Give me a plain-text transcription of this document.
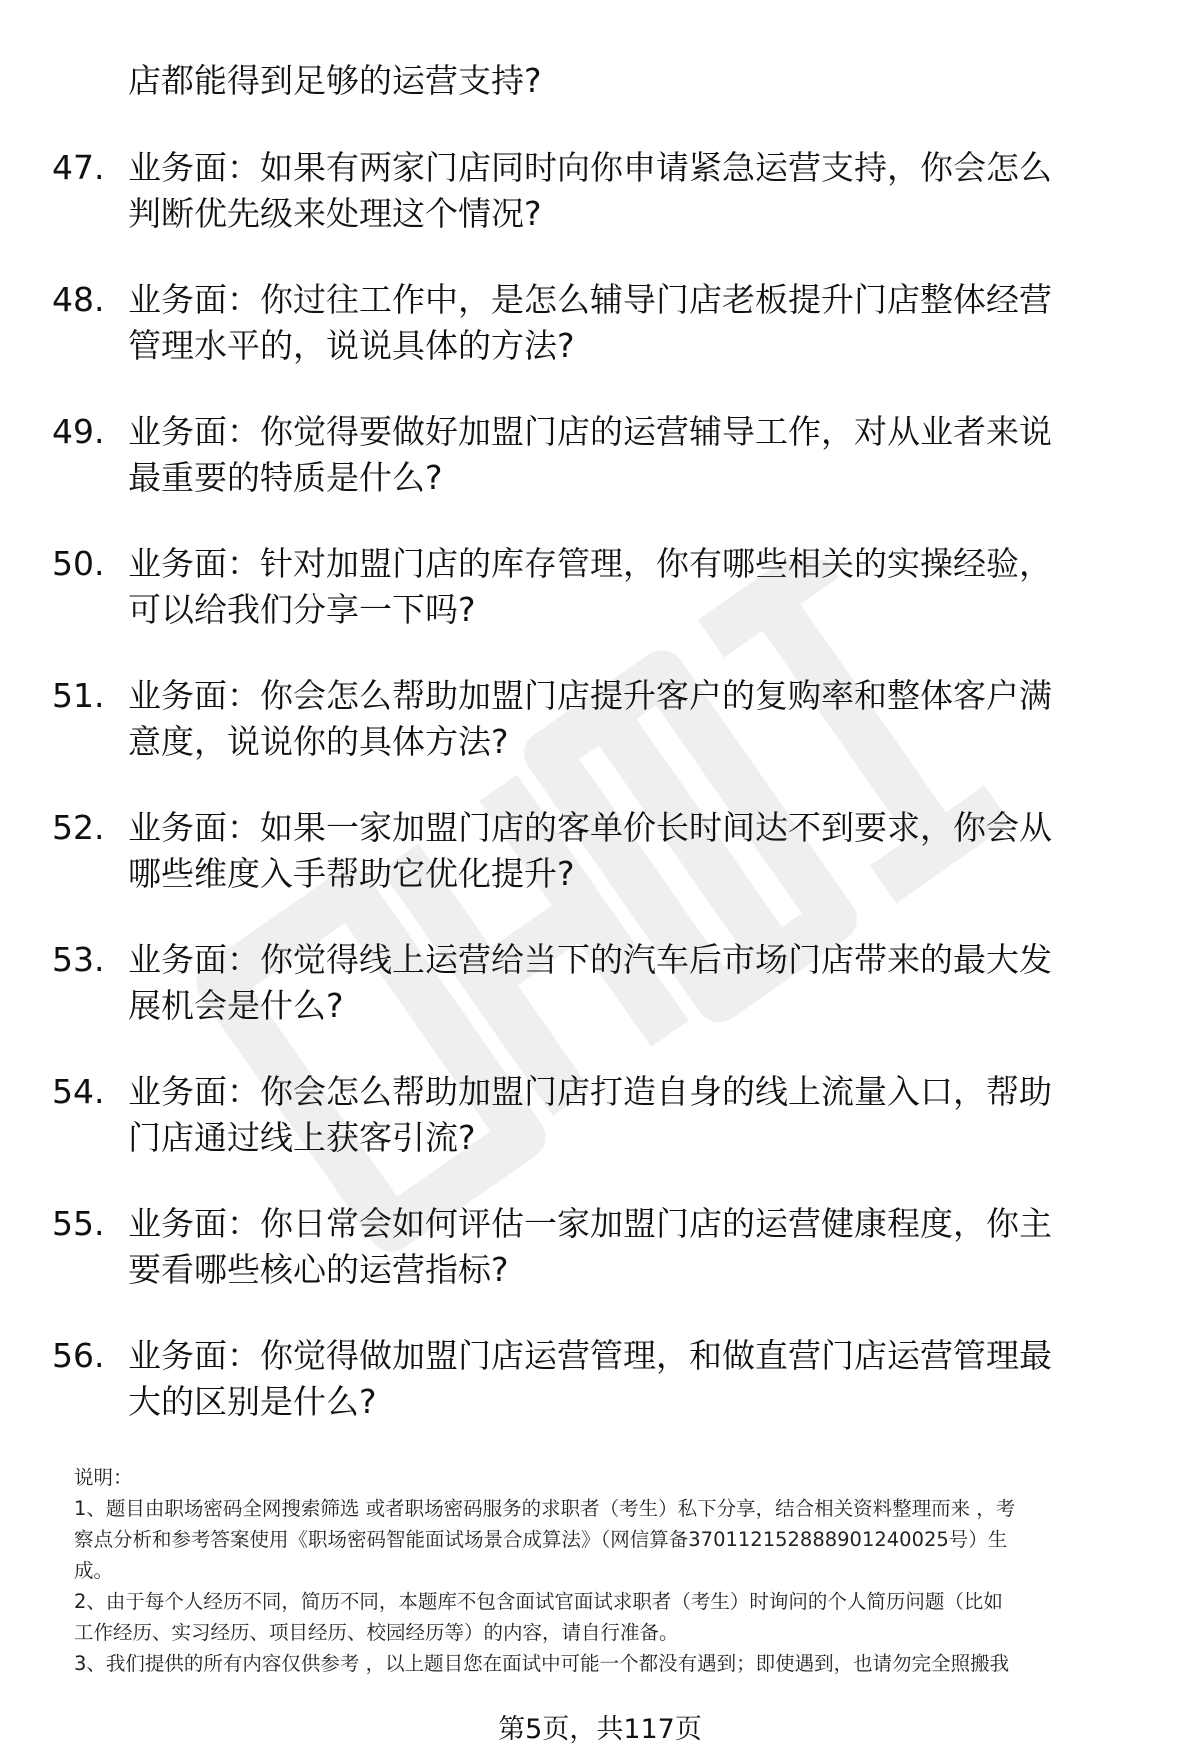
店都能得到足够的运营支持?
47. 业务面：如果有两家门店同时向你申请紧急运营支持，你会怎么
判断优先级来处理这个情况?
48. 业务面：你过往工作中，是怎么辅导门店老板提升门店整体经营
管理水平的，说说具体的方法?
49. 业务面：你觉得要做好加盟门店的运营辅导工作，对从业者来说
最重要的特质是什么?
50. 业务面：针对加盟门店的库存管理，你有哪些相关的实操经验，
可以给我们分享一下吗?
51. 业务面：你会怎么帮助加盟门店提升客户的复购率和整体客户满
意度，说说你的具体方法?
52. 业务面：如果一家加盟门店的客单价长时间达不到要求，你会从
哪些维度入手帮助它优化提升?
53. 业务面：你觉得线上运营给当下的汽车后市场门店带来的最大发
展机会是什么?
54. 业务面：你会怎么帮助加盟门店打造自身的线上流量入口，帮助
门店通过线上获客引流?
55. 业务面：你日常会如何评估一家加盟门店的运营健康程度，你主
要看哪些核心的运营指标?
56. 业务面：你觉得做加盟门店运营管理，和做直营门店运营管理最
大的区别是什么?
说明：
1、题目由职场密码全网搜索筛选 或者职场密码服务的求职者（考生）私下分享，结合相关资料整理而来 ，考
察点分析和参考答案使用《职场密码智能面试场景合成算法》（网信算备370112152888901240025号）生
成。
2、由于每个人经历不同，简历不同，本题库不包含面试官面试求职者（考生）时询问的个人简历问题（比如
工作经历、实习经历、项目经历、校园经历等）的内容，请自行准备。
3、我们提供的所有内容仅供参考 ，以上题目您在面试中可能一个都没有遇到；即使遇到，也请勿完全照搬我
第5页，共117页
